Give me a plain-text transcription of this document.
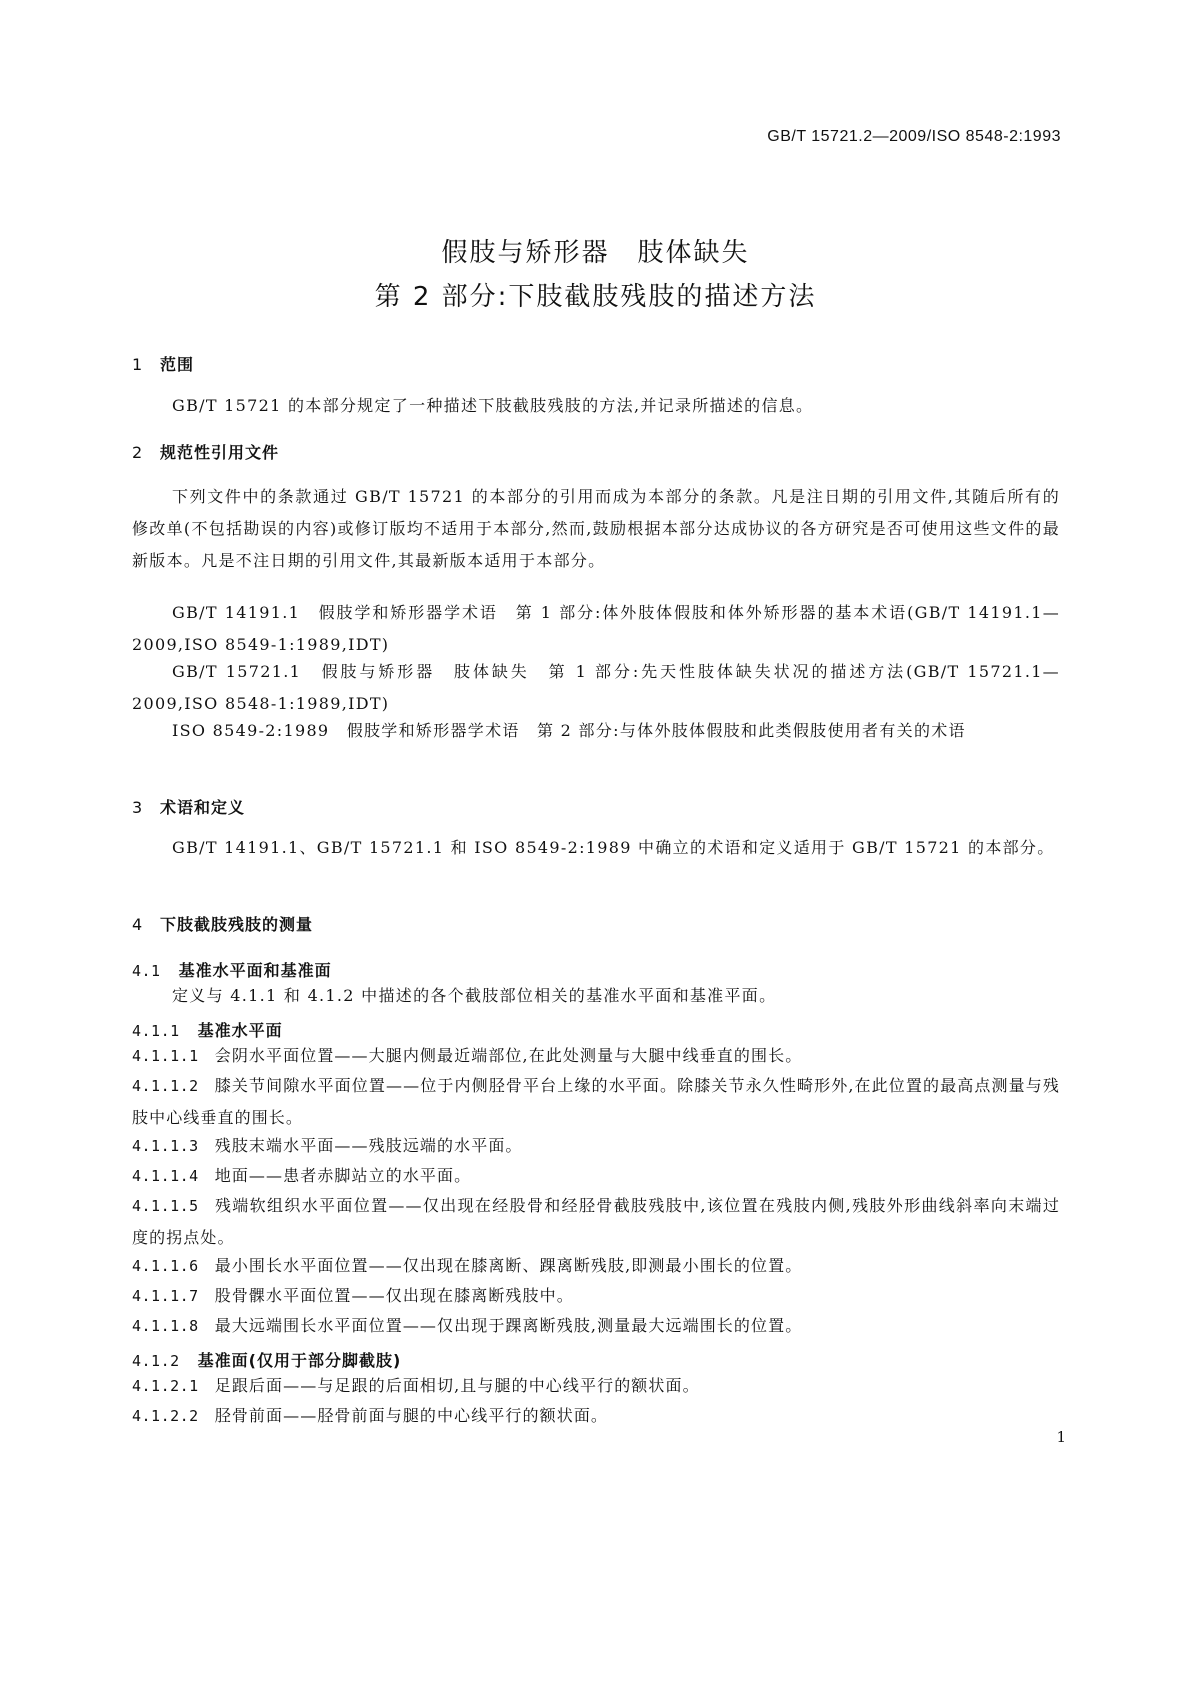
GB/T 15721.2—2009/ISO 8548-2:1993
假肢与矫形器　肢体缺失
第 2 部分:下肢截肢残肢的描述方法
1 范围
GB/T 15721 的本部分规定了一种描述下肢截肢残肢的方法,并记录所描述的信息。
2 规范性引用文件
下列文件中的条款通过 GB/T 15721 的本部分的引用而成为本部分的条款。凡是注日期的引用文件,其随后所有的修改单(不包括勘误的内容)或修订版均不适用于本部分,然而,鼓励根据本部分达成协议的各方研究是否可使用这些文件的最新版本。凡是不注日期的引用文件,其最新版本适用于本部分。
GB/T 14191.1　假肢学和矫形器学术语　第 1 部分:体外肢体假肢和体外矫形器的基本术语(GB/T 14191.1—2009,ISO 8549-1:1989,IDT)
GB/T 15721.1　假肢与矫形器　肢体缺失　第 1 部分:先天性肢体缺失状况的描述方法(GB/T 15721.1—2009,ISO 8548-1:1989,IDT)
ISO 8549-2:1989　假肢学和矫形器学术语　第 2 部分:与体外肢体假肢和此类假肢使用者有关的术语
3 术语和定义
GB/T 14191.1、GB/T 15721.1 和 ISO 8549-2:1989 中确立的术语和定义适用于 GB/T 15721 的本部分。
4 下肢截肢残肢的测量
4.1 基准水平面和基准面
定义与 4.1.1 和 4.1.2 中描述的各个截肢部位相关的基准水平面和基准平面。
4.1.1 基准水平面
4.1.1.1 会阴水平面位置——大腿内侧最近端部位,在此处测量与大腿中线垂直的围长。
4.1.1.2 膝关节间隙水平面位置——位于内侧胫骨平台上缘的水平面。除膝关节永久性畸形外,在此位置的最高点测量与残肢中心线垂直的围长。
4.1.1.3 残肢末端水平面——残肢远端的水平面。
4.1.1.4 地面——患者赤脚站立的水平面。
4.1.1.5 残端软组织水平面位置——仅出现在经股骨和经胫骨截肢残肢中,该位置在残肢内侧,残肢外形曲线斜率向末端过度的拐点处。
4.1.1.6 最小围长水平面位置——仅出现在膝离断、踝离断残肢,即测最小围长的位置。
4.1.1.7 股骨髁水平面位置——仅出现在膝离断残肢中。
4.1.1.8 最大远端围长水平面位置——仅出现于踝离断残肢,测量最大远端围长的位置。
4.1.2 基准面(仅用于部分脚截肢)
4.1.2.1 足跟后面——与足跟的后面相切,且与腿的中心线平行的额状面。
4.1.2.2 胫骨前面——胫骨前面与腿的中心线平行的额状面。
1
